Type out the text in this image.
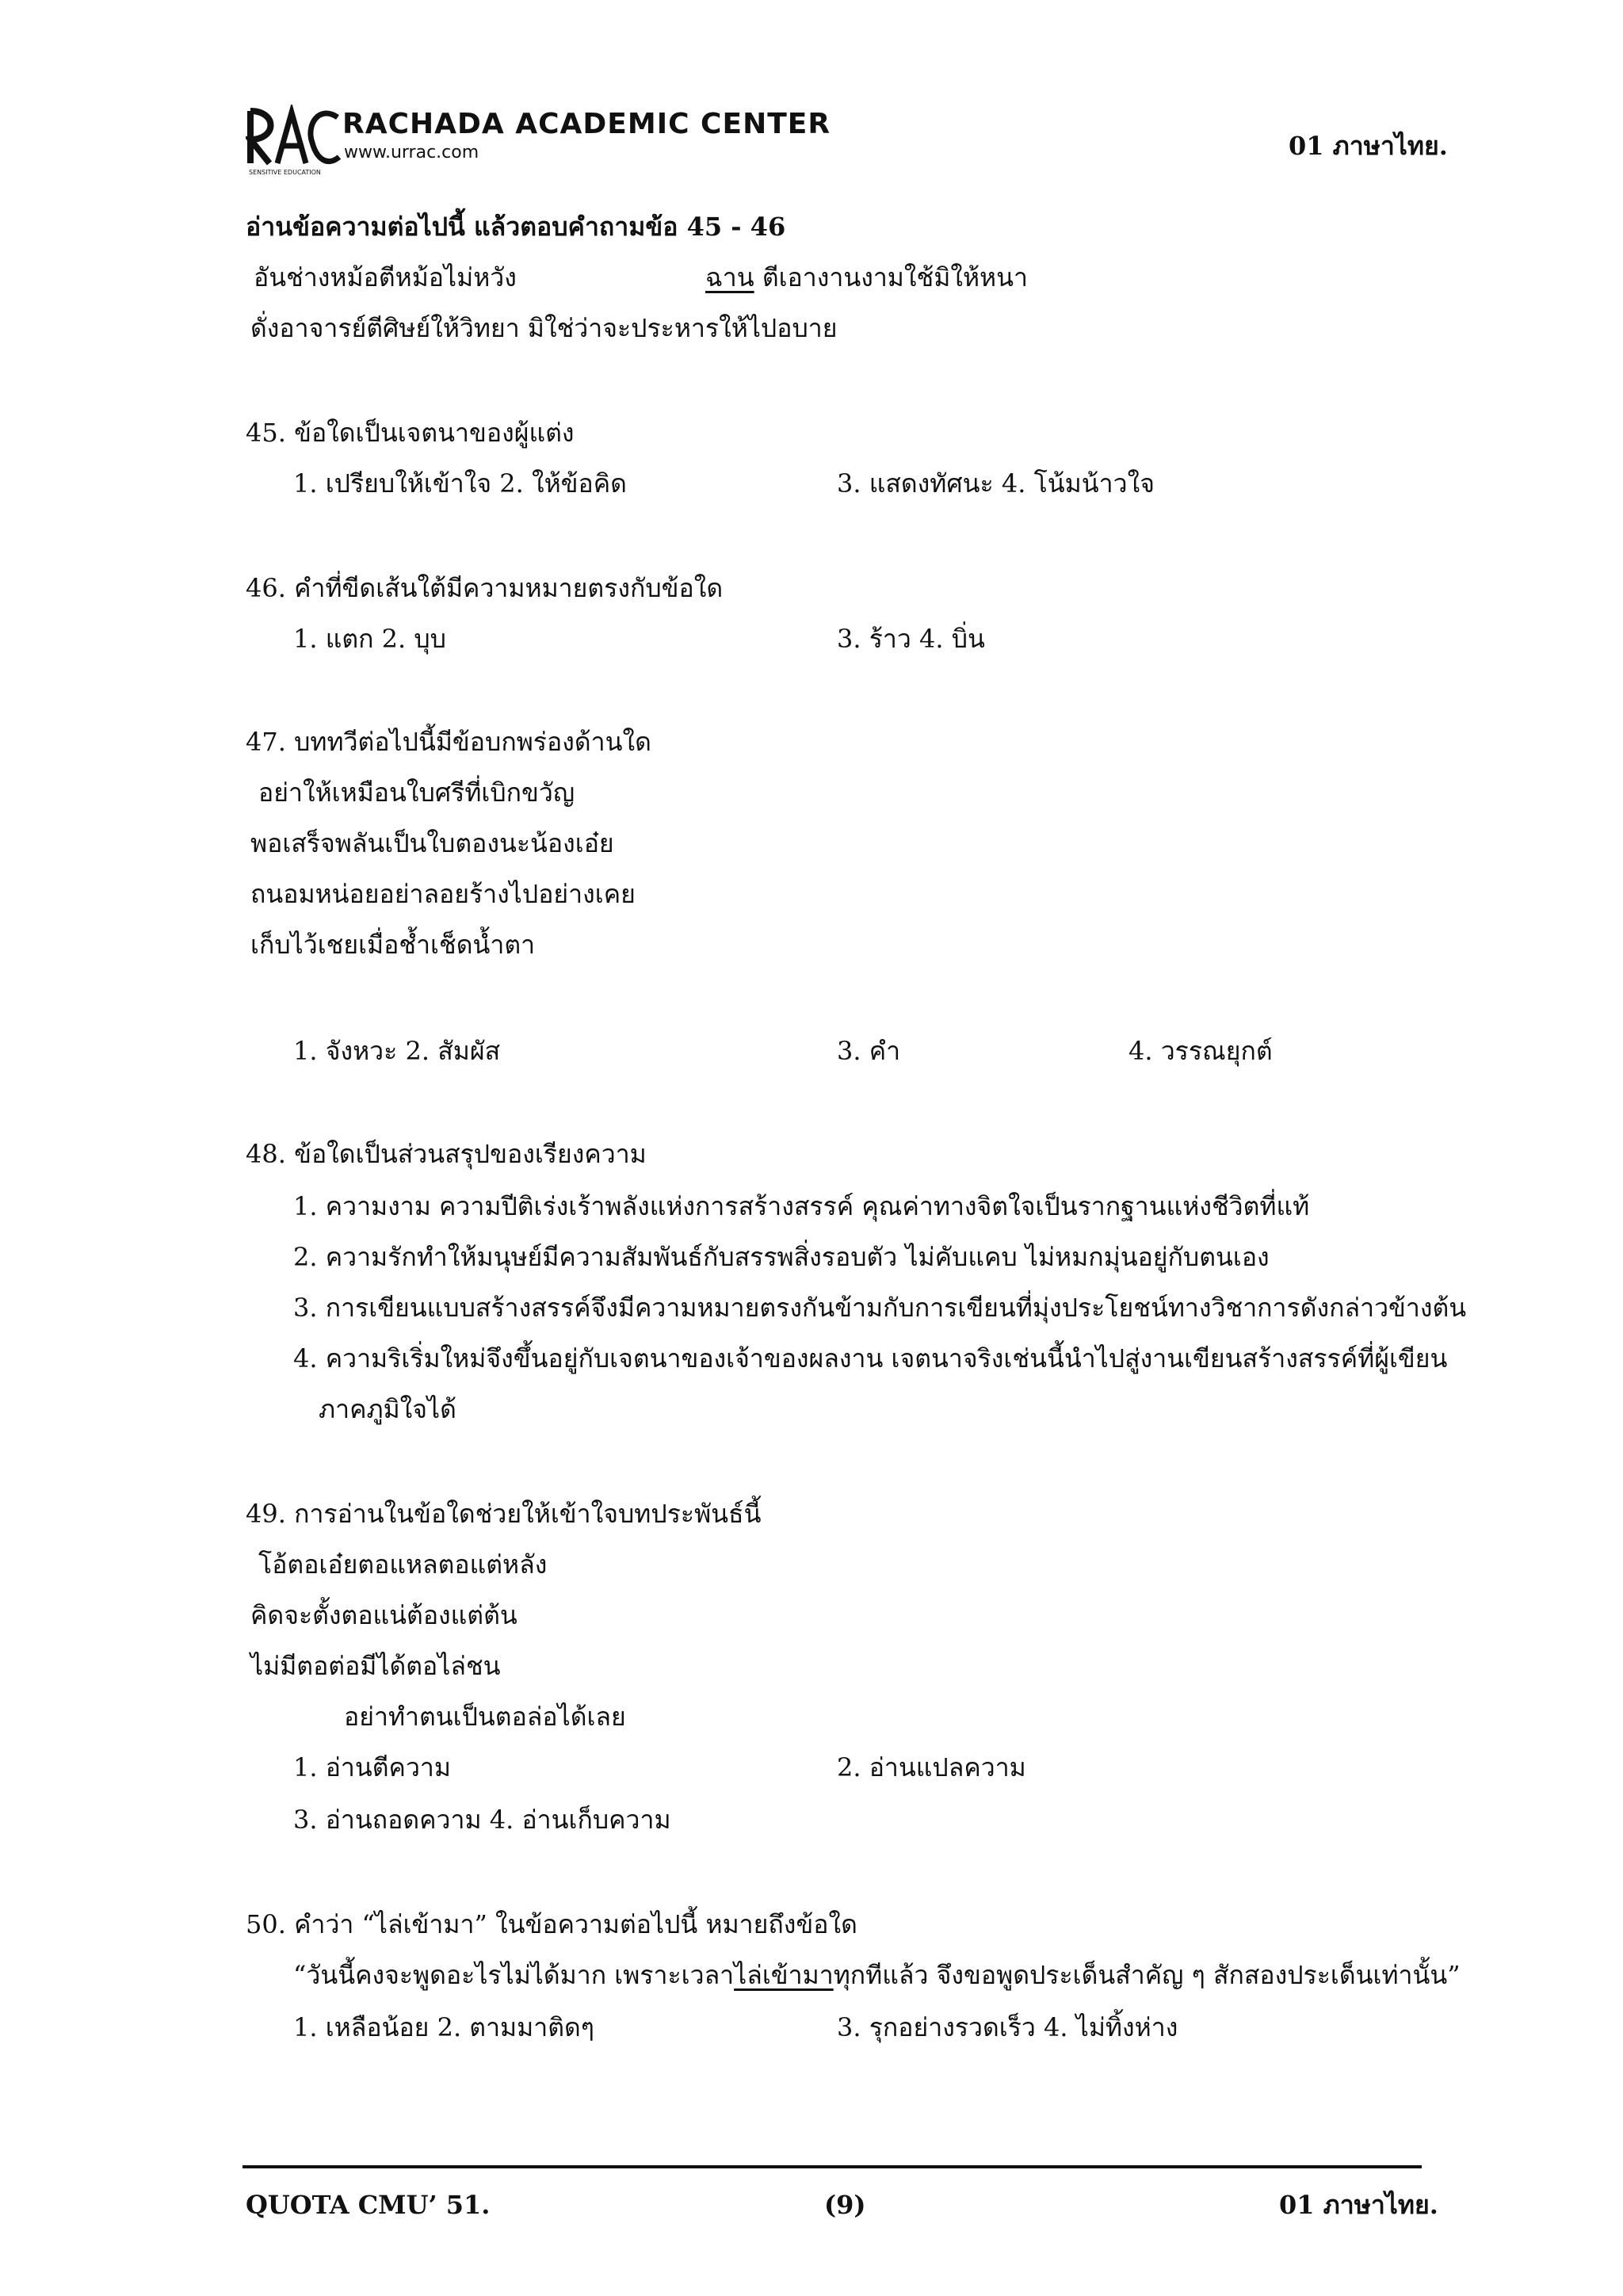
SENSITIVE EDUCATION
RACHADA ACADEMIC CENTER
www.urrac.com	01 ภาษาไทย.
อ่านข้อความต่อไปนี้ แล้วตอบคำถามข้อ 45 - 46
อันช่างหม้อตีหม้อไม่หวัง	ฉาน ตีเอางานงามใช้มิให้หนา
ดั่งอาจารย์ตีศิษย์ให้วิทยา มิใช่ว่าจะประหารให้ไปอบาย
45. ข้อใดเป็นเจตนาของผู้แต่ง
1. เปรียบให้เข้าใจ 2. ให้ข้อคิด	3. แสดงทัศนะ 4. โน้มน้าวใจ
46. คำที่ขีดเส้นใต้มีความหมายตรงกับข้อใด
1. แตก 2. บุบ	3. ร้าว 4. บิ่น
47. บททวีต่อไปนี้มีข้อบกพร่องด้านใด
อย่าให้เหมือนใบศรีที่เบิกขวัญ
พอเสร็จพลันเป็นใบตองนะน้องเอ๋ย
ถนอมหน่อยอย่าลอยร้างไปอย่างเคย
เก็บไว้เชยเมื่อช้ำเช็ดน้ำตา
1. จังหวะ 2. สัมผัส	3. คำ	4. วรรณยุกต์
48. ข้อใดเป็นส่วนสรุปของเรียงความ
1. ความงาม ความปีติเร่งเร้าพลังแห่งการสร้างสรรค์ คุณค่าทางจิตใจเป็นรากฐานแห่งชีวิตที่แท้
2. ความรักทำให้มนุษย์มีความสัมพันธ์กับสรรพสิ่งรอบตัว ไม่คับแคบ ไม่หมกมุ่นอยู่กับตนเอง
3. การเขียนแบบสร้างสรรค์จึงมีความหมายตรงกันข้ามกับการเขียนที่มุ่งประโยชน์ทางวิชาการดังกล่าวข้างต้น
4. ความริเริ่มใหม่จึงขึ้นอยู่กับเจตนาของเจ้าของผลงาน เจตนาจริงเช่นนี้นำไปสู่งานเขียนสร้างสรรค์ที่ผู้เขียน
ภาคภูมิใจได้
49. การอ่านในข้อใดช่วยให้เข้าใจบทประพันธ์นี้
โอ้ตอเอ๋ยตอแหลตอแต่หลัง
คิดจะตั้งตอแน่ต้องแต่ต้น
ไม่มีตอต่อมีได้ตอไล่ชน
อย่าทำตนเป็นตอล่อได้เลย
1. อ่านตีความ	2. อ่านแปลความ
3. อ่านถอดความ 4. อ่านเก็บความ
50. คำว่า “ไล่เข้ามา” ในข้อความต่อไปนี้ หมายถึงข้อใด
“วันนี้คงจะพูดอะไรไม่ได้มาก เพราะเวลาไล่เข้ามาทุกทีแล้ว จึงขอพูดประเด็นสำคัญ ๆ สักสองประเด็นเท่านั้น”
1. เหลือน้อย 2. ตามมาติดๆ	3. รุกอย่างรวดเร็ว 4. ไม่ทิ้งห่าง
QUOTA CMU’ 51.	(9)	01 ภาษาไทย.
